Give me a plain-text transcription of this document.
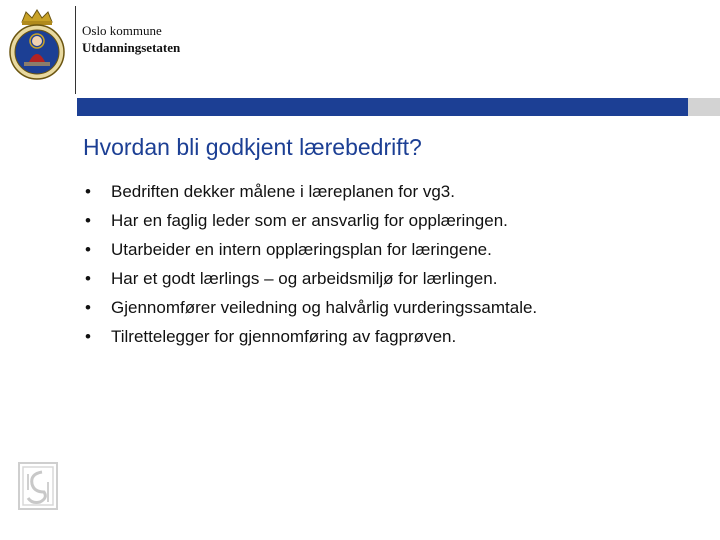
Oslo kommune
Utdanningsetaten
Hvordan bli godkjent lærebedrift?
• Bedriften dekker målene i læreplanen for vg3.
• Har en faglig leder som er ansvarlig for opplæringen.
• Utarbeider en intern opplæringsplan for læringene.
• Har et godt lærlings – og arbeidsmiljø for lærlingen.
• Gjennomfører veiledning og halvårlig vurderingssamtale.
• Tilrettelegger for gjennomføring av fagprøven.
